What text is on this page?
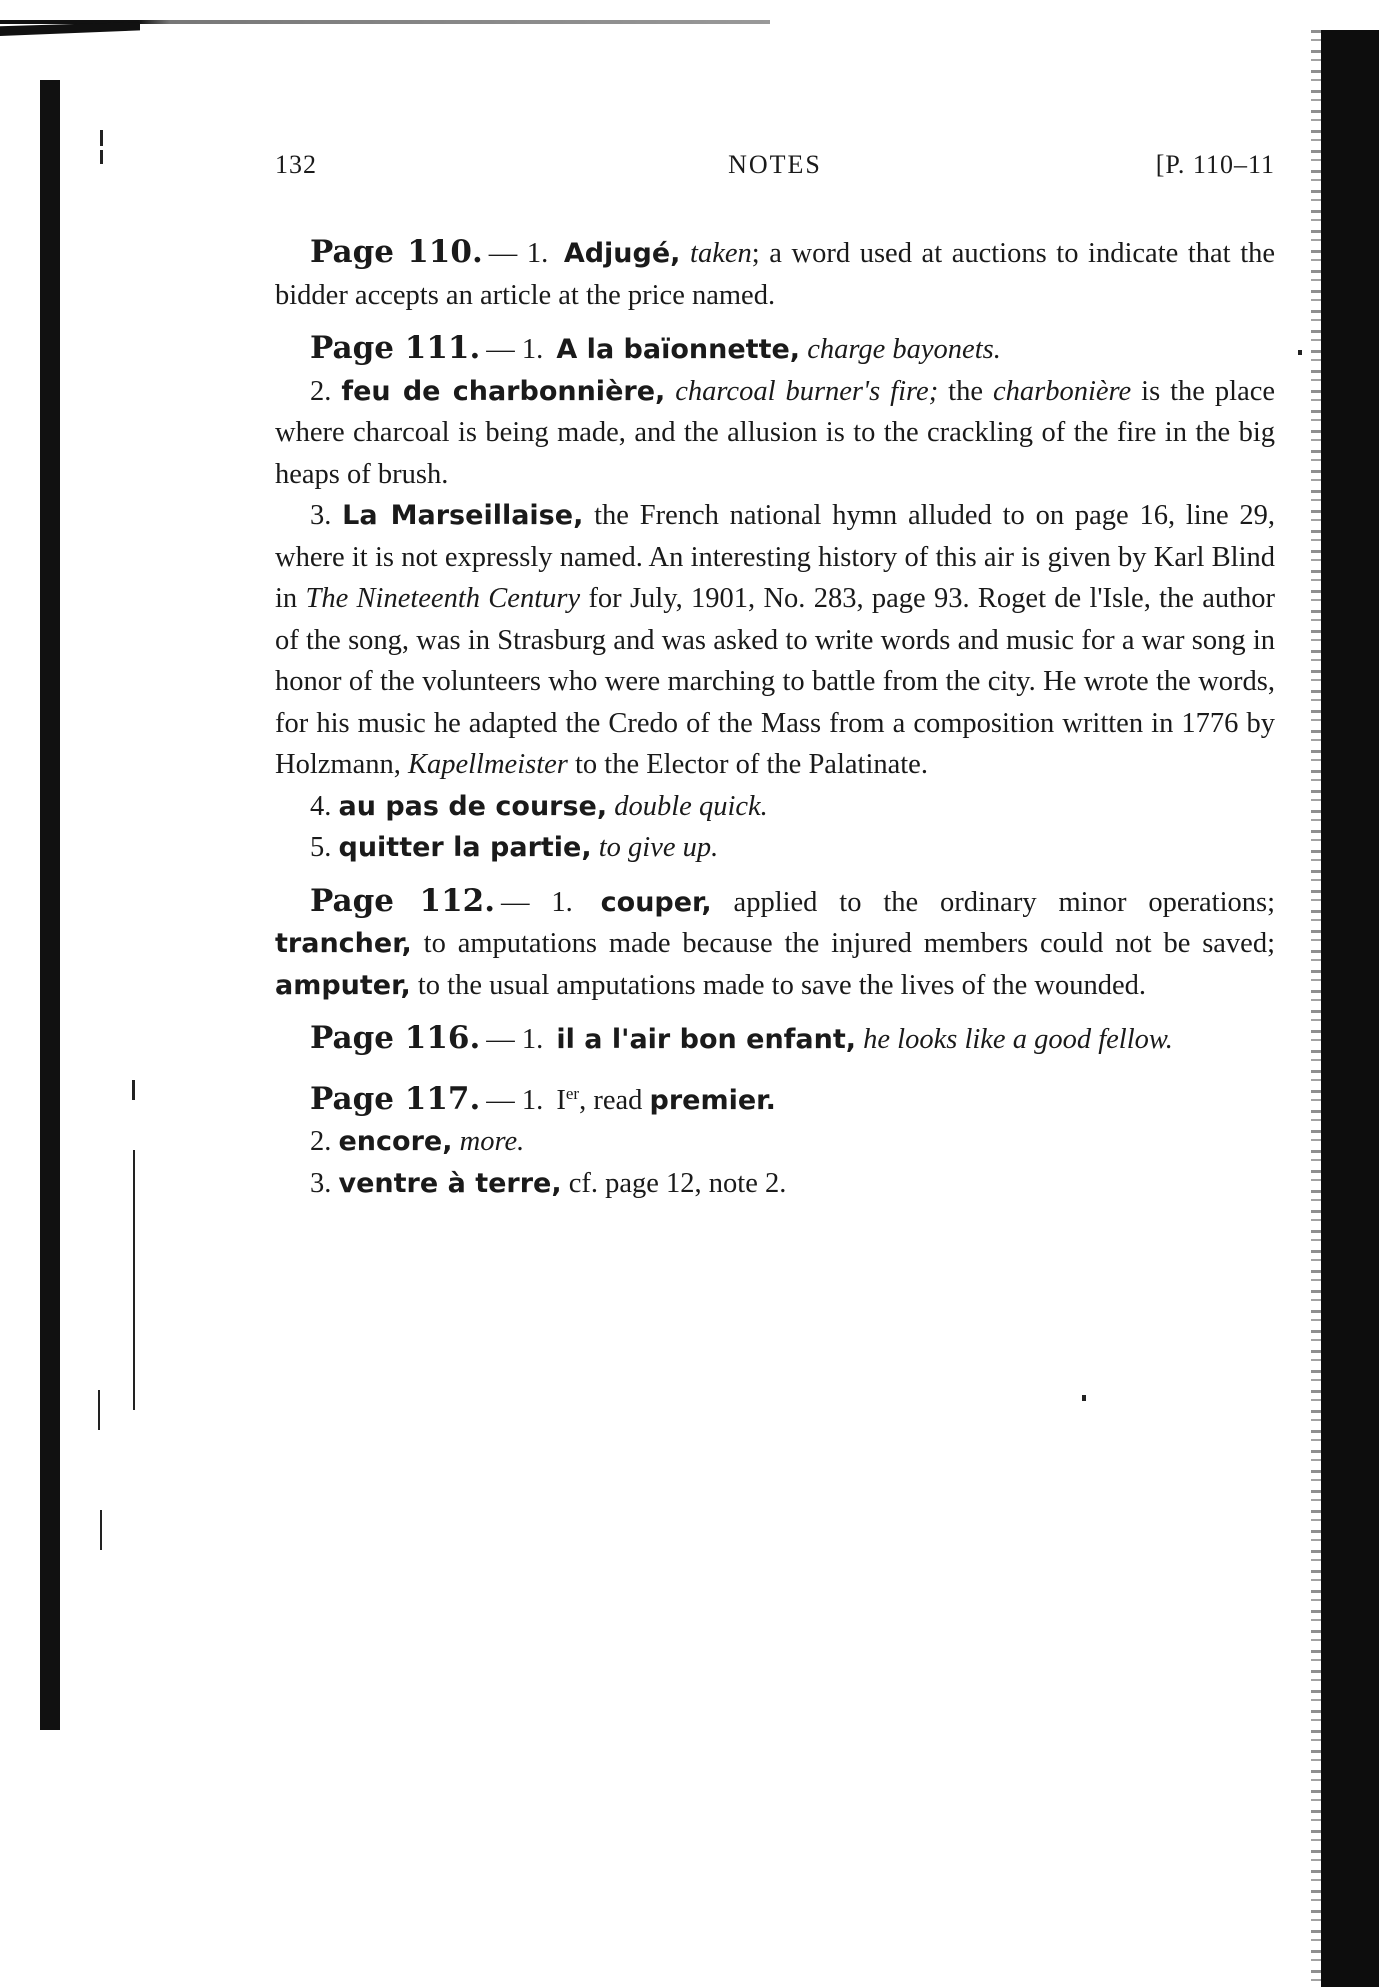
132	NOTES	[P. 110–11

Page 110. — 1. Adjugé, taken; a word used at auctions to indicate that the bidder accepts an article at the price named.

Page 111. — 1. A la baïonnette, charge bayonets.

2. feu de charbonnière, charcoal burner's fire; the charbonière is the place where charcoal is being made, and the allusion is to the crackling of the fire in the big heaps of brush.

3. La Marseillaise, the French national hymn alluded to on page 16, line 29, where it is not expressly named. An interesting history of this air is given by Karl Blind in The Nineteenth Century for July, 1901, No. 283, page 93. Roget de l'Isle, the author of the song, was in Strasburg and was asked to write words and music for a war song in honor of the volunteers who were marching to battle from the city. He wrote the words, for his music he adapted the Credo of the Mass from a composition written in 1776 by Holzmann, Kapellmeister to the Elector of the Palatinate.

4. au pas de course, double quick.

5. quitter la partie, to give up.

Page 112. — 1. couper, applied to the ordinary minor operations; trancher, to amputations made because the injured members could not be saved; amputer, to the usual amputations made to save the lives of the wounded.

Page 116. — 1. il a l'air bon enfant, he looks like a good fellow.

Page 117. — 1. Ier, read premier.

2. encore, more.

3. ventre à terre, cf. page 12, note 2.
